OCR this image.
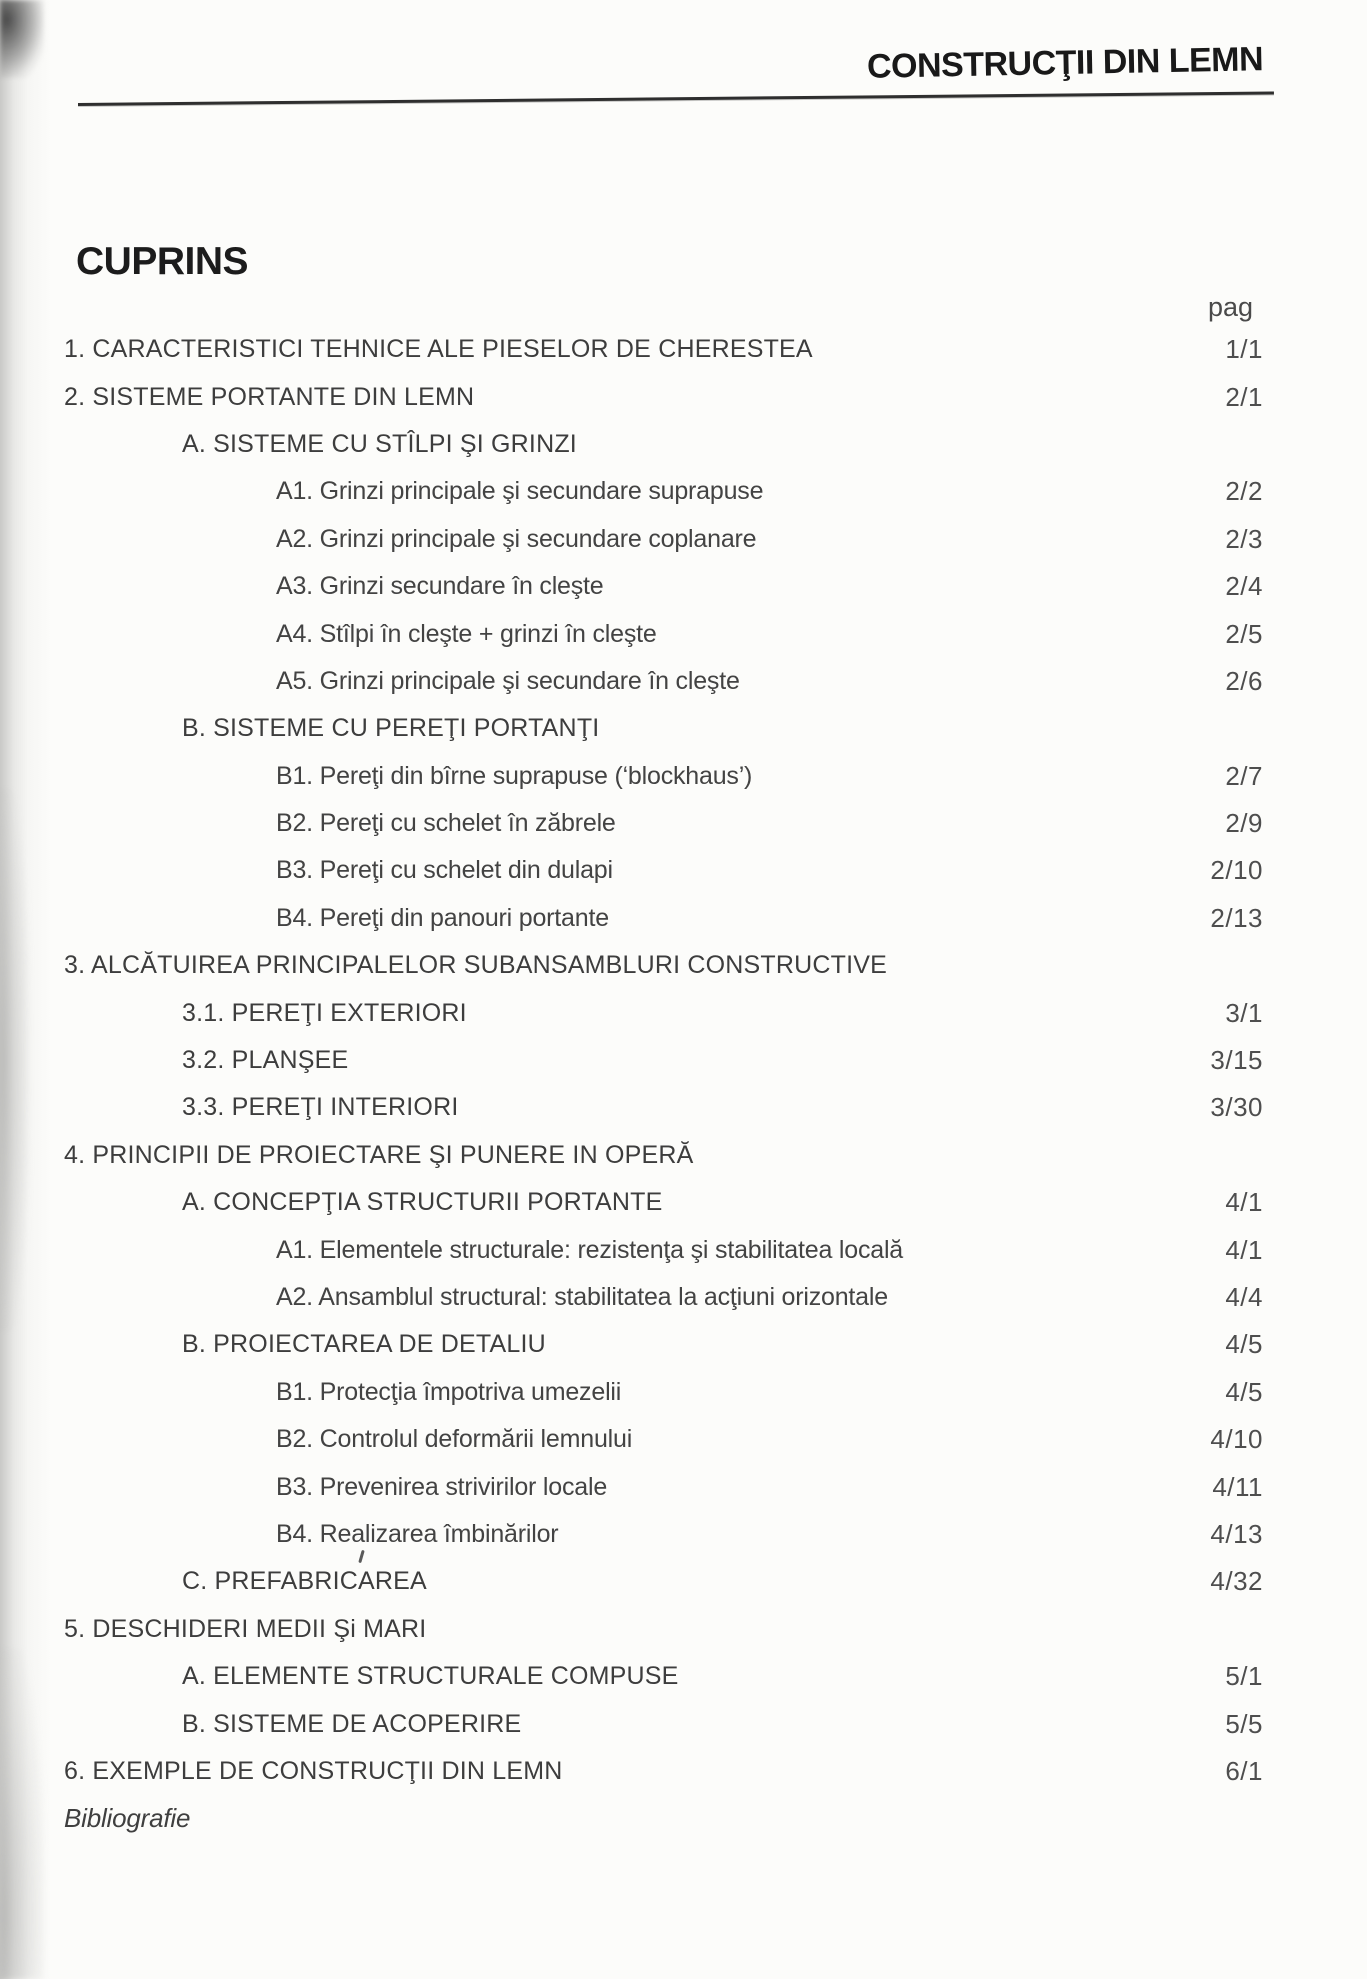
CONSTRUCŢII DIN LEMN
CUPRINS
pag
1. CARACTERISTICI TEHNICE ALE PIESELOR DE CHERESTEA	1/1
2. SISTEME PORTANTE DIN LEMN	2/1
A. SISTEME CU STÎLPI ŞI GRINZI
A1. Grinzi principale şi secundare suprapuse	2/2
A2. Grinzi principale şi secundare coplanare	2/3
A3. Grinzi secundare în cleşte	2/4
A4. Stîlpi în cleşte + grinzi în cleşte	2/5
A5. Grinzi principale şi secundare în cleşte	2/6
B. SISTEME CU PEREŢI PORTANŢI
B1. Pereţi din bîrne suprapuse (‘blockhaus’)	2/7
B2. Pereţi cu schelet în zăbrele	2/9
B3. Pereţi cu schelet din dulapi	2/10
B4. Pereţi din panouri portante	2/13
3. ALCĂTUIREA PRINCIPALELOR SUBANSAMBLURI CONSTRUCTIVE
3.1. PEREŢI EXTERIORI	3/1
3.2. PLANŞEE	3/15
3.3. PEREŢI INTERIORI	3/30
4. PRINCIPII DE PROIECTARE ŞI PUNERE IN OPERĂ
A. CONCEPŢIA STRUCTURII PORTANTE	4/1
A1. Elementele structurale: rezistenţa şi stabilitatea locală	4/1
A2. Ansamblul structural: stabilitatea la acţiuni orizontale	4/4
B. PROIECTAREA DE DETALIU	4/5
B1. Protecţia împotriva umezelii	4/5
B2. Controlul deformării lemnului	4/10
B3. Prevenirea strivirilor locale	4/11
B4. Realizarea îmbinărilor	4/13
C. PREFABRICAREA	4/32
5. DESCHIDERI MEDII Şi MARI
A. ELEMENTE STRUCTURALE COMPUSE	5/1
B. SISTEME DE ACOPERIRE	5/5
6. EXEMPLE DE CONSTRUCŢII DIN LEMN	6/1
Bibliografie
